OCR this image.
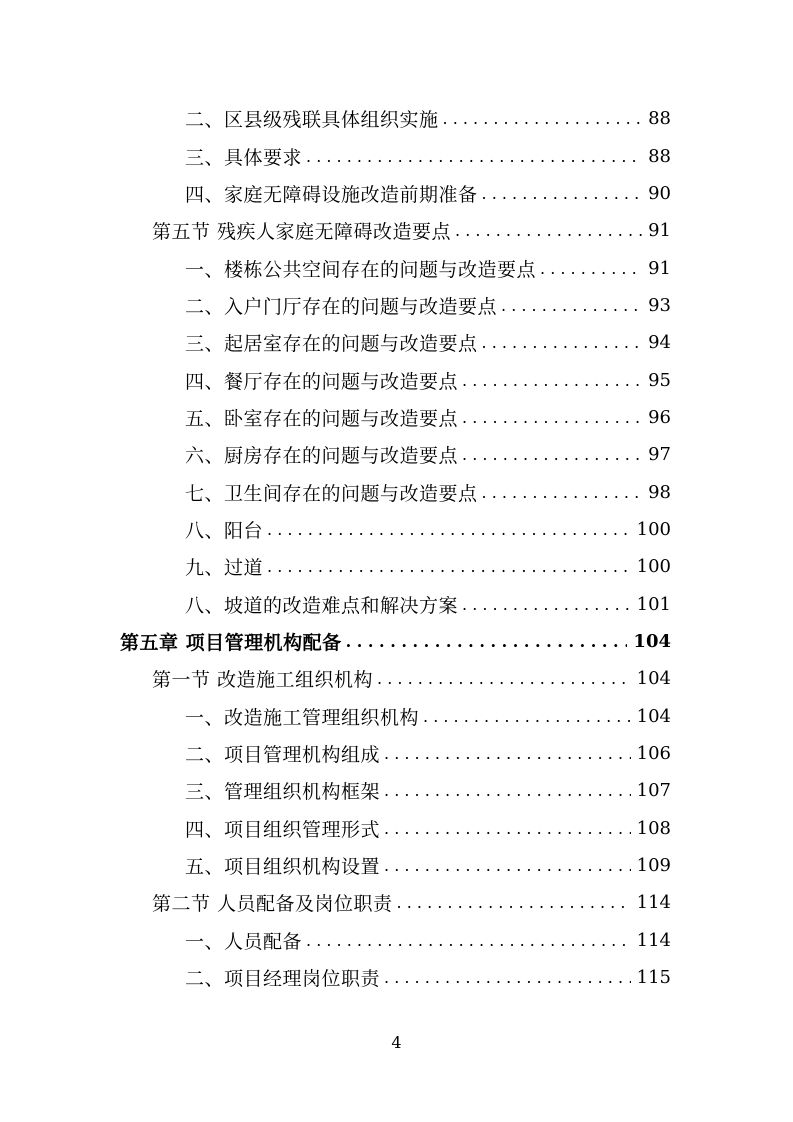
二、区县级残联具体组织实施 . . .	88
三、具体要求 . . .	88
四、家庭无障碍设施改造前期准备 . . .	90
第五节 残疾人家庭无障碍改造要点 . . .	91
一、楼栋公共空间存在的问题与改造要点 . . .	91
二、入户门厅存在的问题与改造要点 . . .	93
三、起居室存在的问题与改造要点 . . .	94
四、餐厅存在的问题与改造要点 . . .	95
五、卧室存在的问题与改造要点 . . .	96
六、厨房存在的问题与改造要点 . . .	97
七、卫生间存在的问题与改造要点 . . .	98
八、阳台 . . .	100
九、过道 . . .	100
八、坡道的改造难点和解决方案 . . .	101
第五章 项目管理机构配备 . . .	104
第一节 改造施工组织机构 . . .	104
一、改造施工管理组织机构 . . .	104
二、项目管理机构组成 . . .	106
三、管理组织机构框架 . . .	107
四、项目组织管理形式 . . .	108
五、项目组织机构设置 . . .	109
第二节 人员配备及岗位职责 . . .	114
一、人员配备 . . .	114
二、项目经理岗位职责 . . .	115
4
